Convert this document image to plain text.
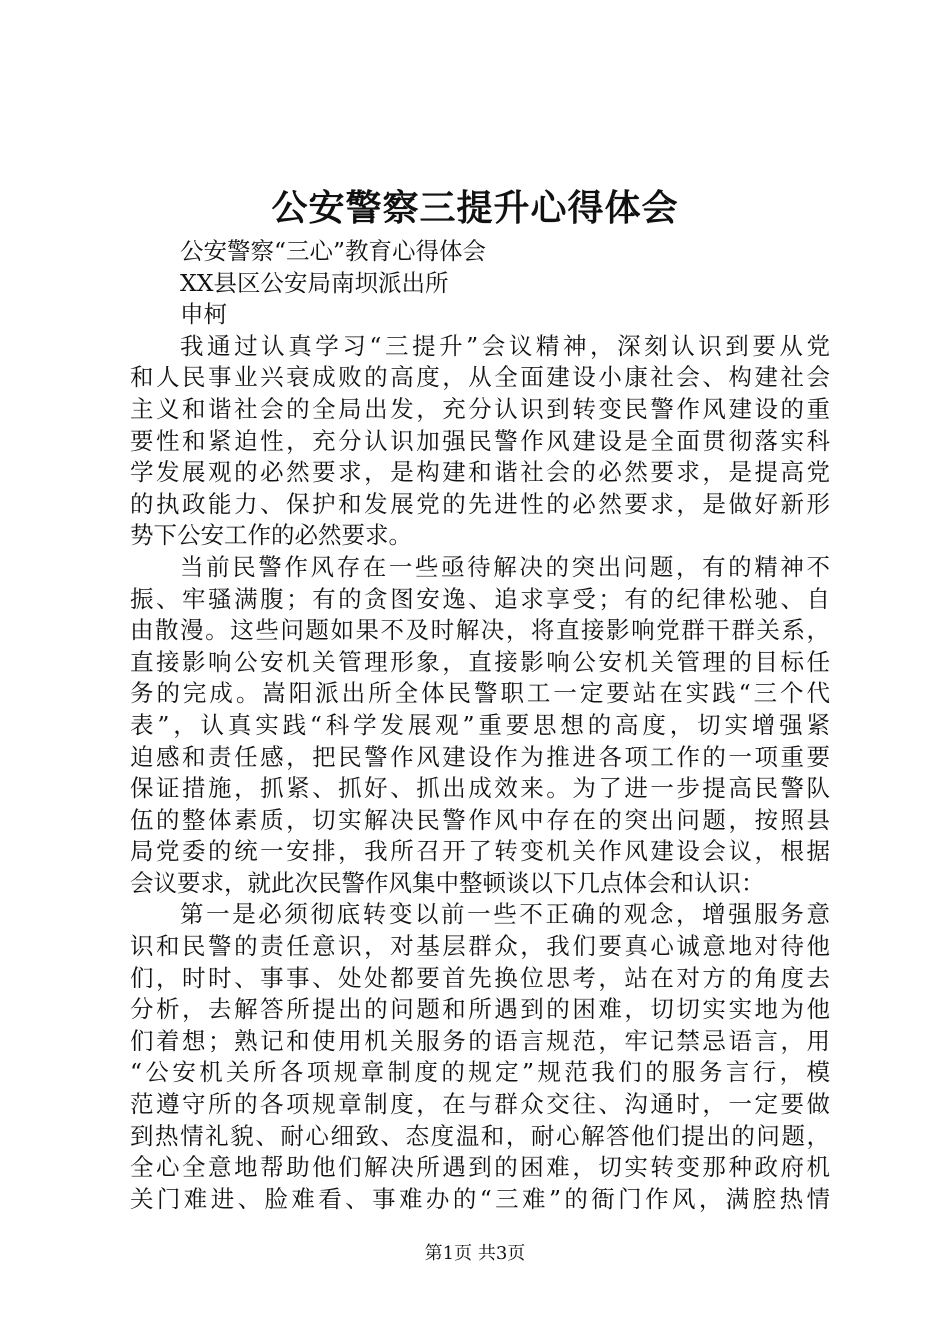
公安警察三提升心得体会
公安警察“三心”教育心得体会
XX县区公安局南坝派出所
申柯
我通过认真学习“三提升”会议精神，深刻认识到要从党
和人民事业兴衰成败的高度，从全面建设小康社会、构建社会
主义和谐社会的全局出发，充分认识到转变民警作风建设的重
要性和紧迫性，充分认识加强民警作风建设是全面贯彻落实科
学发展观的必然要求，是构建和谐社会的必然要求，是提高党
的执政能力、保护和发展党的先进性的必然要求，是做好新形
势下公安工作的必然要求。
当前民警作风存在一些亟待解决的突出问题，有的精神不
振、牢骚满腹；有的贪图安逸、追求享受；有的纪律松驰、自
由散漫。这些问题如果不及时解决，将直接影响党群干群关系，
直接影响公安机关管理形象，直接影响公安机关管理的目标任
务的完成。嵩阳派出所全体民警职工一定要站在实践“三个代
表”，认真实践“科学发展观”重要思想的高度，切实增强紧
迫感和责任感，把民警作风建设作为推进各项工作的一项重要
保证措施，抓紧、抓好、抓出成效来。为了进一步提高民警队
伍的整体素质，切实解决民警作风中存在的突出问题，按照县
局党委的统一安排，我所召开了转变机关作风建设会议，根据
会议要求，就此次民警作风集中整顿谈以下几点体会和认识：
第一是必须彻底转变以前一些不正确的观念，增强服务意
识和民警的责任意识，对基层群众，我们要真心诚意地对待他
们，时时、事事、处处都要首先换位思考，站在对方的角度去
分析，去解答所提出的问题和所遇到的困难，切切实实地为他
们着想；熟记和使用机关服务的语言规范，牢记禁忌语言，用
“公安机关所各项规章制度的规定”规范我们的服务言行，模
范遵守所的各项规章制度，在与群众交往、沟通时，一定要做
到热情礼貌、耐心细致、态度温和，耐心解答他们提出的问题，
全心全意地帮助他们解决所遇到的困难，切实转变那种政府机
关门难进、脸难看、事难办的“三难”的衙门作风，满腔热情
第1页 共3页
